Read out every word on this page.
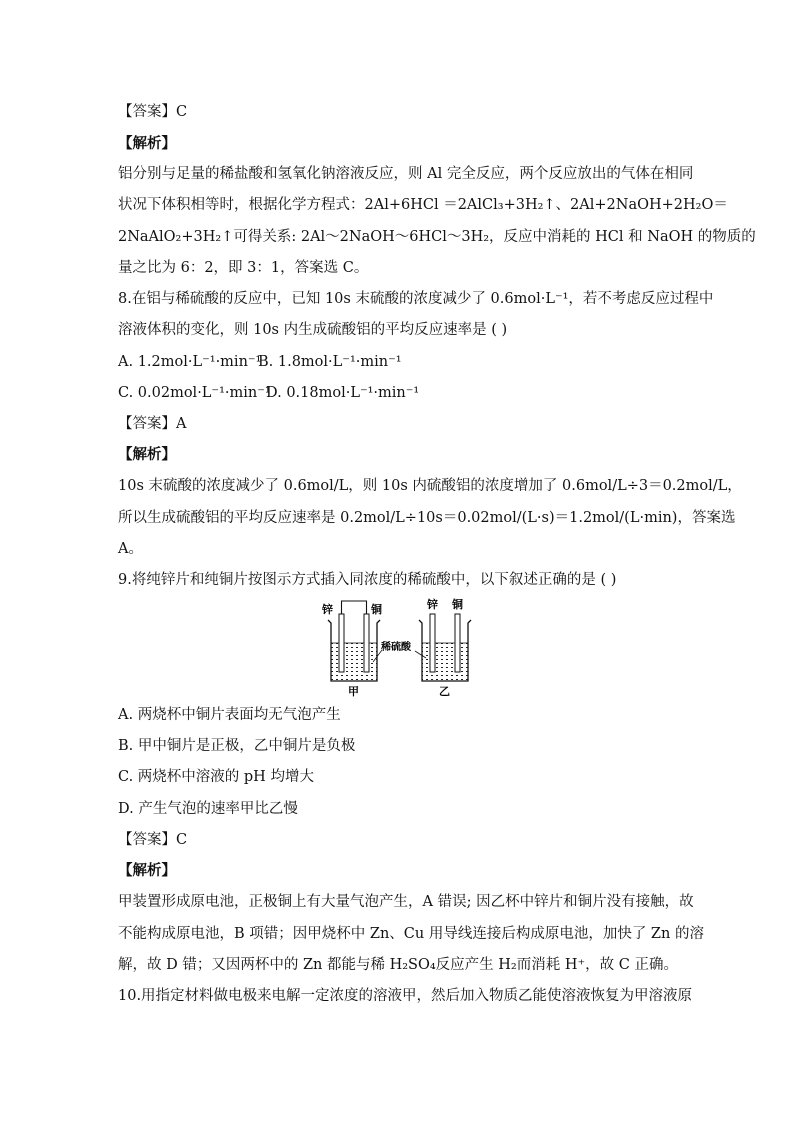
【答案】C
【解析】
铝分别与足量的稀盐酸和氢氧化钠溶液反应，则 Al 完全反应，两个反应放出的气体在相同
状况下体积相等时，根据化学方程式：2Al+6HCl ＝2AlCl₃+3H₂↑、2Al+2NaOH+2H₂O＝
2NaAlO₂+3H₂↑可得关系: 2Al～2NaOH～6HCl～3H₂，反应中消耗的 HCl 和 NaOH 的物质的
量之比为 6：2，即 3：1，答案选 C。
8.在铝与稀硫酸的反应中，已知 10s 末硫酸的浓度减少了 0.6mol·L⁻¹，若不考虑反应过程中
溶液体积的变化，则 10s 内生成硫酸铝的平均反应速率是 ( )
A. 1.2mol·L⁻¹·min⁻¹
B. 1.8mol·L⁻¹·min⁻¹
C. 0.02mol·L⁻¹·min⁻¹
D. 0.18mol·L⁻¹·min⁻¹
【答案】A
【解析】
10s 末硫酸的浓度减少了 0.6mol/L，则 10s 内硫酸铝的浓度增加了 0.6mol/L÷3＝0.2mol/L，
所以生成硫酸铝的平均反应速率是 0.2mol/L÷10s＝0.02mol/(L·s)＝1.2mol/(L·min)，答案选
A。
9.将纯锌片和纯铜片按图示方式插入同浓度的稀硫酸中，以下叙述正确的是 ( )
锌	铜	锌 铜
稀硫酸
甲	乙
A. 两烧杯中铜片表面均无气泡产生
B. 甲中铜片是正极，乙中铜片是负极
C. 两烧杯中溶液的 pH 均增大
D. 产生气泡的速率甲比乙慢
【答案】C
【解析】
甲装置形成原电池，正极铜上有大量气泡产生，A 错误; 因乙杯中锌片和铜片没有接触，故
不能构成原电池，B 项错；因甲烧杯中 Zn、Cu 用导线连接后构成原电池，加快了 Zn 的溶
解，故 D 错；又因两杯中的 Zn 都能与稀 H₂SO₄反应产生 H₂而消耗 H⁺，故 C 正确。
10.用指定材料做电极来电解一定浓度的溶液甲，然后加入物质乙能使溶液恢复为甲溶液原
